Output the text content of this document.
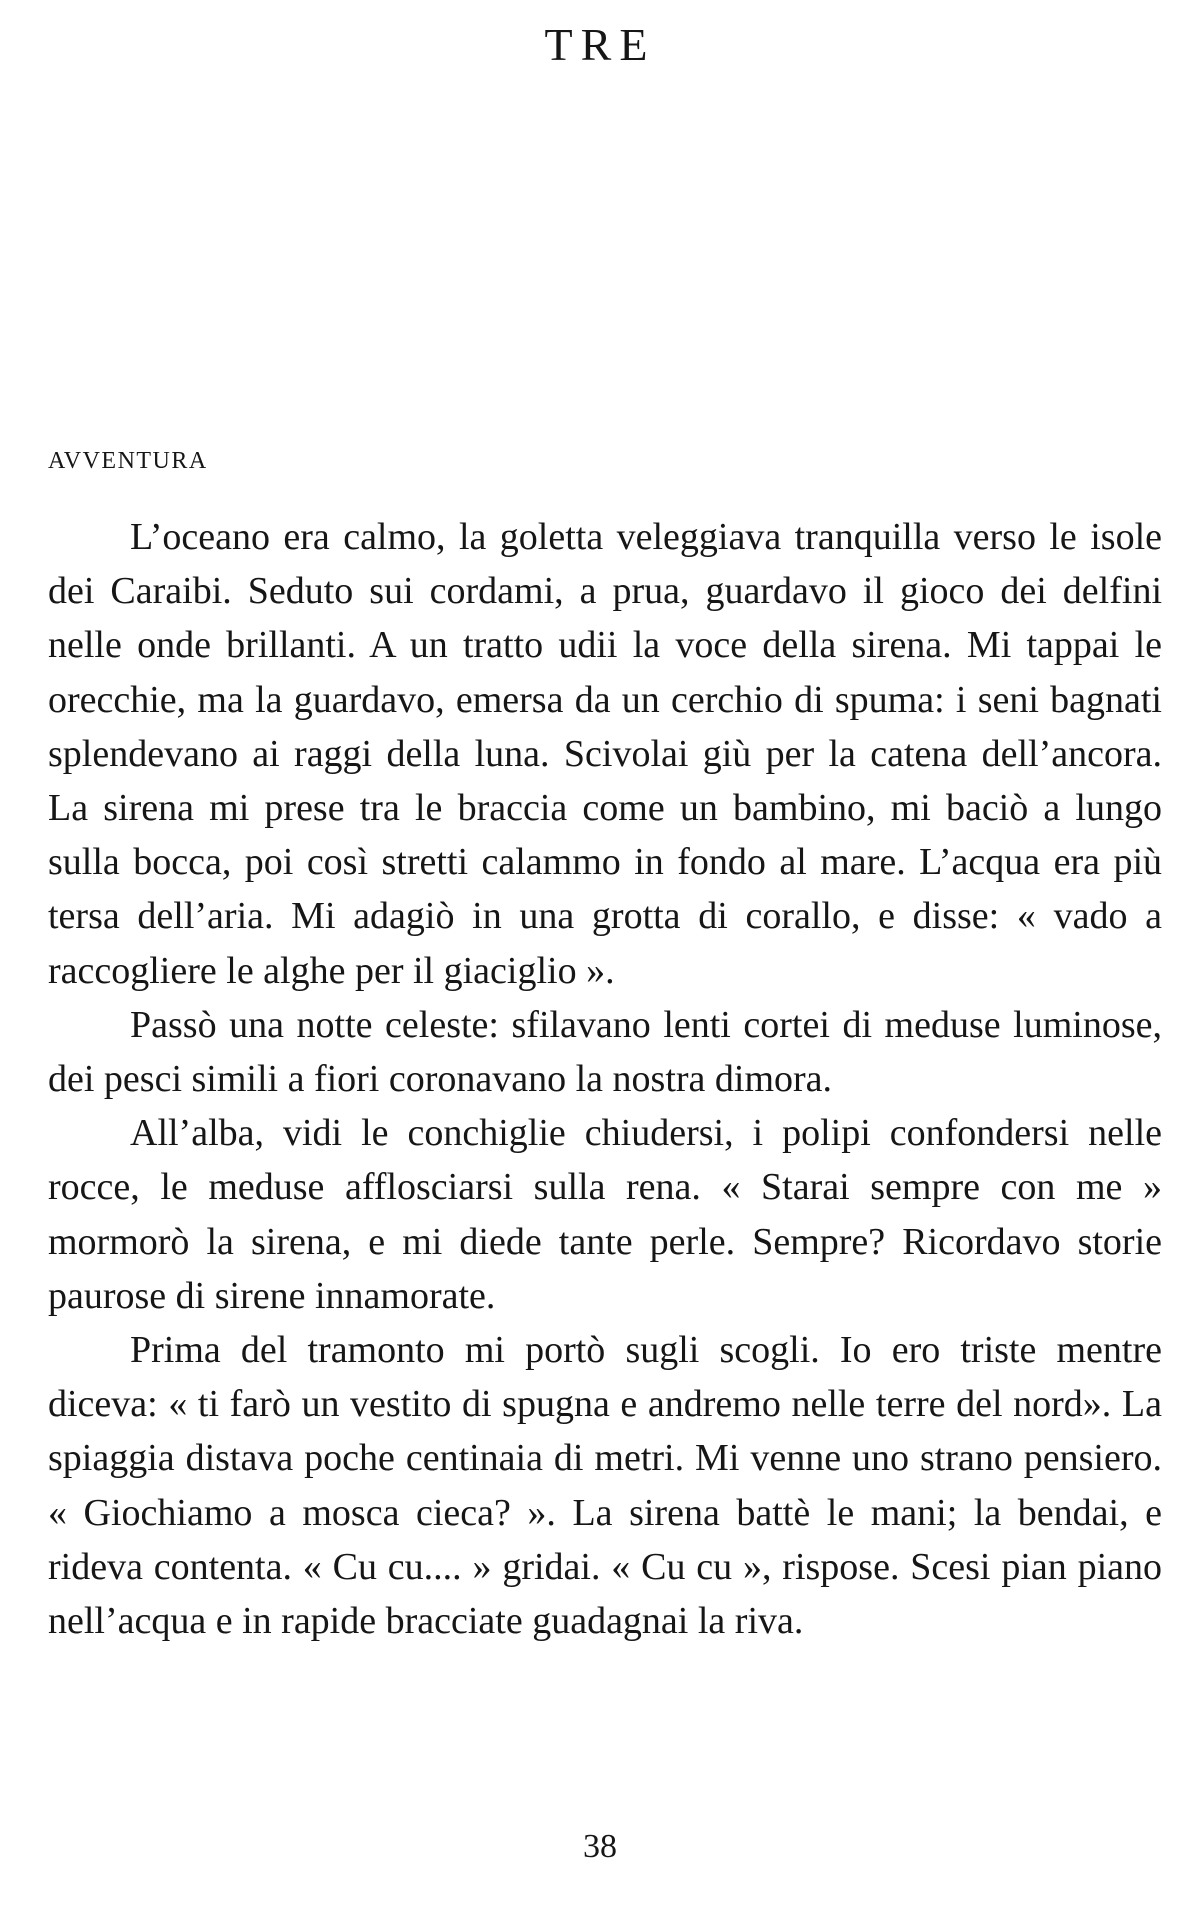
TRE
AVVENTURA

L’oceano era calmo, la goletta veleggiava tranquilla verso le isole dei Caraibi. Seduto sui cordami, a prua, guardavo il gioco dei delfini nelle onde brillanti. A un tratto udii la voce della sirena. Mi tappai le orecchie, ma la guardavo, emersa da un cerchio di spuma: i seni bagnati splendevano ai raggi della luna. Scivolai giù per la catena dell’ancora. La sirena mi prese tra le braccia come un bambino, mi baciò a lungo sulla bocca, poi così stretti calammo in fondo al mare. L’acqua era più tersa dell’aria. Mi adagiò in una grotta di corallo, e disse: « vado a raccogliere le alghe per il giaciglio ».

Passò una notte celeste: sfilavano lenti cortei di meduse luminose, dei pesci simili a fiori coronavano la nostra dimora.

All’alba, vidi le conchiglie chiudersi, i polipi confondersi nelle rocce, le meduse afflosciarsi sulla rena. « Starai sempre con me » mormorò la sirena, e mi diede tante perle. Sempre? Ricordavo storie paurose di sirene innamorate.

Prima del tramonto mi portò sugli scogli. Io ero triste mentre diceva: « ti farò un vestito di spugna e andremo nelle terre del nord». La spiaggia distava poche centinaia di metri. Mi venne uno strano pensiero. « Giochiamo a mosca cieca? ». La sirena battè le mani; la bendai, e rideva contenta. « Cu cu.... » gridai. « Cu cu », rispose. Scesi pian piano nell’acqua e in rapide bracciate guadagnai la riva.

38
